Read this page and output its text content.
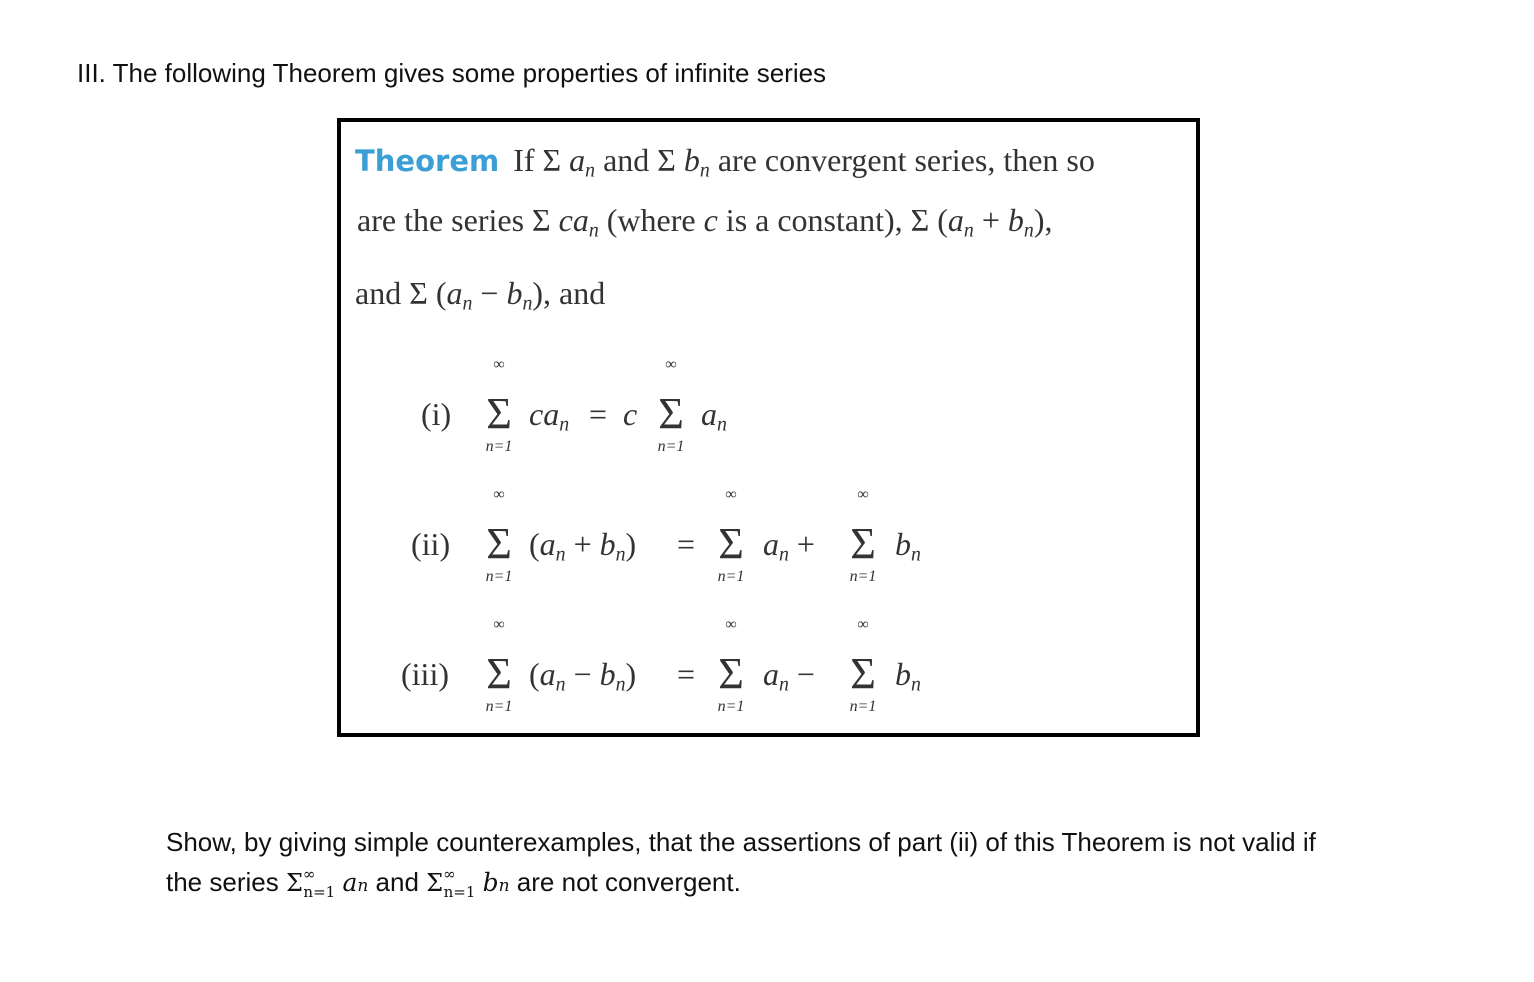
III. The following Theorem gives some properties of infinite series
Theorem If Σ $a_n$ and Σ $b_n$ are convergent series, then so
are the series Σ $ca_n$ (where c is a constant), Σ $(a_n + b_n)$,
and Σ $(a_n - b_n)$, and
(i)
∞
Σ
n=1
$ca_n = c$
∞
Σ
n=1
$a_n$
(ii)
∞
Σ
n=1
$(a_n + b_n)$ =
∞
Σ
n=1
$a_n$ +
∞
Σ
n=1
$b_n$
(iii)
∞
Σ
n=1
$(a_n - b_n)$ =
∞
Σ
n=1
$a_n$ −
∞
Σ
n=1
$b_n$
Show, by giving simple counterexamples, that the assertions of part (ii) of this Theorem is not valid if
the series $\Sigma^\infty_{n=1}$ an and $\Sigma^\infty_{n=1}$ bn are not convergent.
